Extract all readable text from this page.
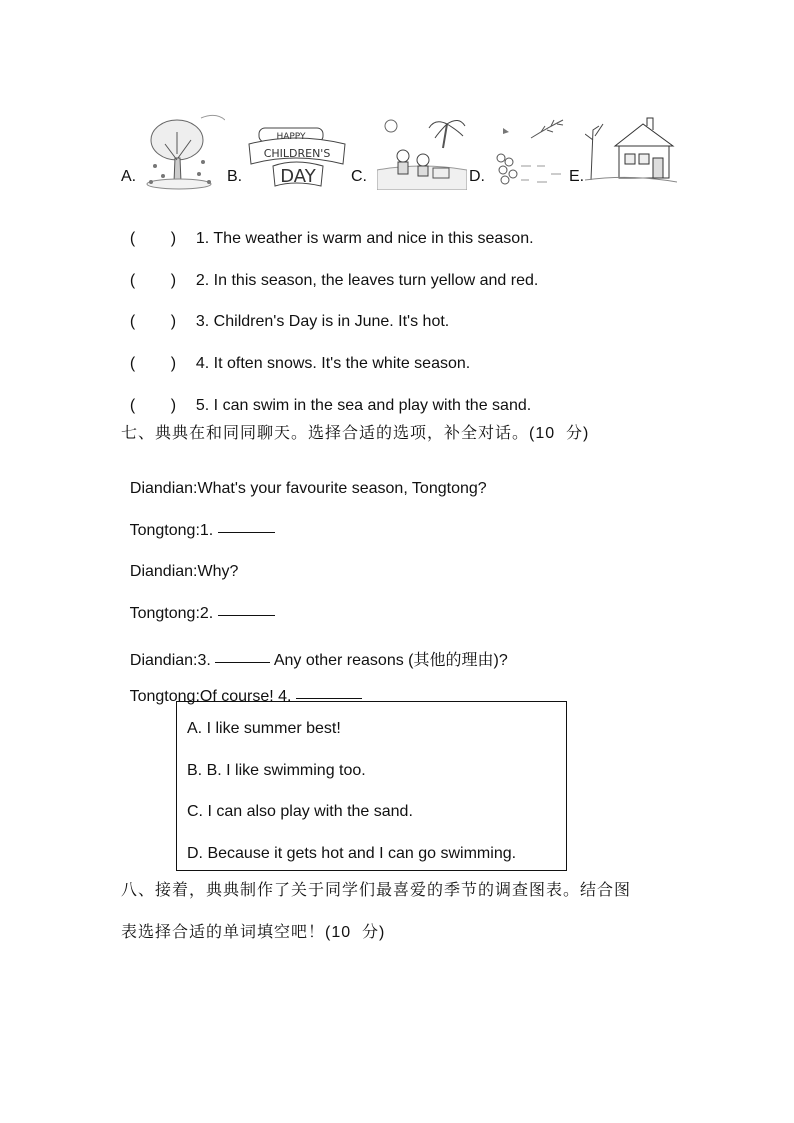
A.	B.
HAPPY
CHILDREN'S
DAY C.	D.	E.

(        ) 1. The weather is warm and nice in this season.

(        ) 2. In this season, the leaves turn yellow and red.

(        ) 3. Children's Day is in June. It's hot.

(        ) 4. It often snows. It's the white season.

(        ) 5. I can swim in the sea and play with the sand.

七、典典在和同同聊天。选择合适的选项，补全对话。(10  分)

Diandian:What's your favourite season, Tongtong?

Tongtong:1.

Diandian:Why?

Tongtong:2.

Diandian:3.	Any other reasons (其他的理由)?

Tongtong:Of course! 4.

A. I like summer best!
B. B. I like swimming too.
C. I can also play with the sand.
D. Because it gets hot and I can go swimming.
八、接着，典典制作了关于同学们最喜爱的季节的调查图表。结合图
表选择合适的单词填空吧！(10  分)
